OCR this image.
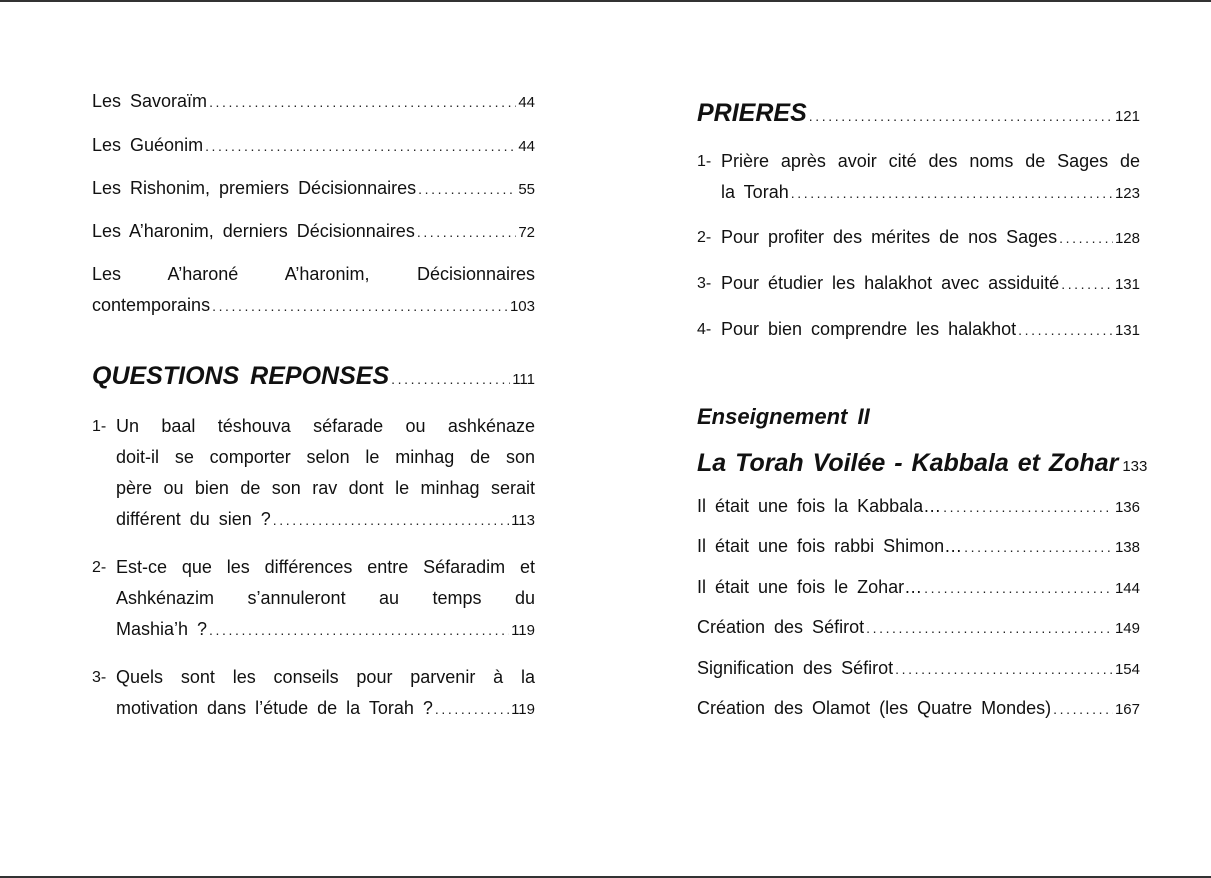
Les Savoraïm .....	44
Les Guéonim .....	44
Les Rishonim, premiers Décisionnaires .....	55
Les A’haronim, derniers Décisionnaires .....	72
Les A’haroné A’haronim, Décisionnaires
contemporains .....	103
QUESTIONS REPONSES .....	111
1- Un baal téshouva séfarade ou ashkénaze
doit-il se comporter selon le minhag de son
père ou bien de son rav dont le minhag serait
différent du sien ? .....	113
2- Est-ce que les différences entre Séfaradim et
Ashkénazim s’annuleront au temps du
Mashia’h ? .....	119
3- Quels sont les conseils pour parvenir à la
motivation dans l’étude de la Torah ? .....	119
PRIERES .....	121
1- Prière après avoir cité des noms de Sages de
la Torah .....	123
2- Pour profiter des mérites de nos Sages .....	128
3- Pour étudier les halakhot avec assiduité .....	131
4- Pour bien comprendre les halakhot .....	131
Enseignement II
La Torah Voilée - Kabbala et Zohar 133
Il était une fois la Kabbala… .....	136
Il était une fois rabbi Shimon… .....	138
Il était une fois le Zohar… .....	144
Création des Séfirot .....	149
Signification des Séfirot .....	154
Création des Olamot (les Quatre Mondes) .....	167
